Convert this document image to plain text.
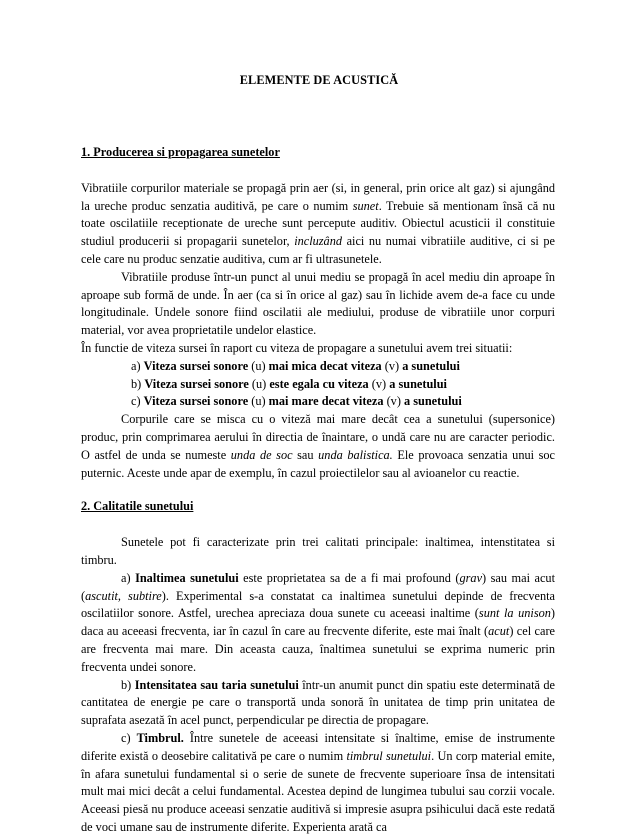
ELEMENTE DE ACUSTICĂ

1. Producerea si propagarea sunetelor

Vibratiile corpurilor materiale se propagă prin aer (si, in general, prin orice alt gaz) si ajungând la ureche produc senzatia auditivă, pe care o numim sunet. Trebuie să mentionam însă că nu toate oscilatiile receptionate de ureche sunt percepute auditiv. Obiectul acusticii il constituie studiul producerii si propagarii sunetelor, incluzând aici nu numai vibratiile auditive, ci si pe cele care nu produc senzatie auditiva, cum ar fi ultrasunetele.

Vibratiile produse într-un punct al unui mediu se propagă în acel mediu din aproape în aproape sub formă de unde. În aer (ca si în orice al gaz) sau în lichide avem de-a face cu unde longitudinale. Undele sonore fiind oscilatii ale mediului, produse de vibratiile unor corpuri material, vor avea proprietatile undelor elastice.

În functie de viteza sursei în raport cu viteza de propagare a sunetului avem trei situatii:

a) Viteza sursei sonore (u) mai mica decat viteza (v) a sunetului

b) Viteza sursei sonore (u) este egala cu viteza (v) a sunetului

c) Viteza sursei sonore (u) mai mare decat viteza (v) a sunetului

Corpurile care se misca cu o viteză mai mare decât cea a sunetului (supersonice) produc, prin comprimarea aerului în directia de înaintare, o undă care nu are caracter periodic. O astfel de unda se numeste unda de soc sau unda balistica. Ele provoaca senzatia unui soc puternic. Aceste unde apar de exemplu, în cazul proiectilelor sau al avioanelor cu reactie.

2. Calitatile sunetului

Sunetele pot fi caracterizate prin trei calitati principale: inaltimea, intenstitatea si timbru.

a) Inaltimea sunetului este proprietatea sa de a fi mai profound (grav) sau mai acut (ascutit, subtire). Experimental s-a constatat ca inaltimea sunetului depinde de frecventa oscilatiilor sonore. Astfel, urechea apreciaza doua sunete cu aceeasi inaltime (sunt la unison) daca au aceeasi frecventa, iar în cazul în care au frecvente diferite, este mai înalt (acut) cel care are frecventa mai mare. Din aceasta cauza, înaltimea sunetului se exprima numeric prin frecventa undei sonore.

b) Intensitatea sau taria sunetului într-un anumit punct din spatiu este determinată de cantitatea de energie pe care o transportă unda sonoră în unitatea de timp prin unitatea de suprafata asezată în acel punct, perpendicular pe directia de propagare.

c) Timbrul. Între sunetele de aceeasi intensitate si înaltime, emise de instrumente diferite există o deosebire calitativă pe care o numim timbrul sunetului. Un corp material emite, în afara sunetului fundamental si o serie de sunete de frecvente superioare însa de intensitati mult mai mici decât a celui fundamental. Acestea depind de lungimea tubului sau corzii vocale. Aceeasi piesă nu produce aceeasi senzatie auditivă si impresie asupra psihicului dacă este redată de voci umane sau de instrumente diferite. Experienta arată ca
